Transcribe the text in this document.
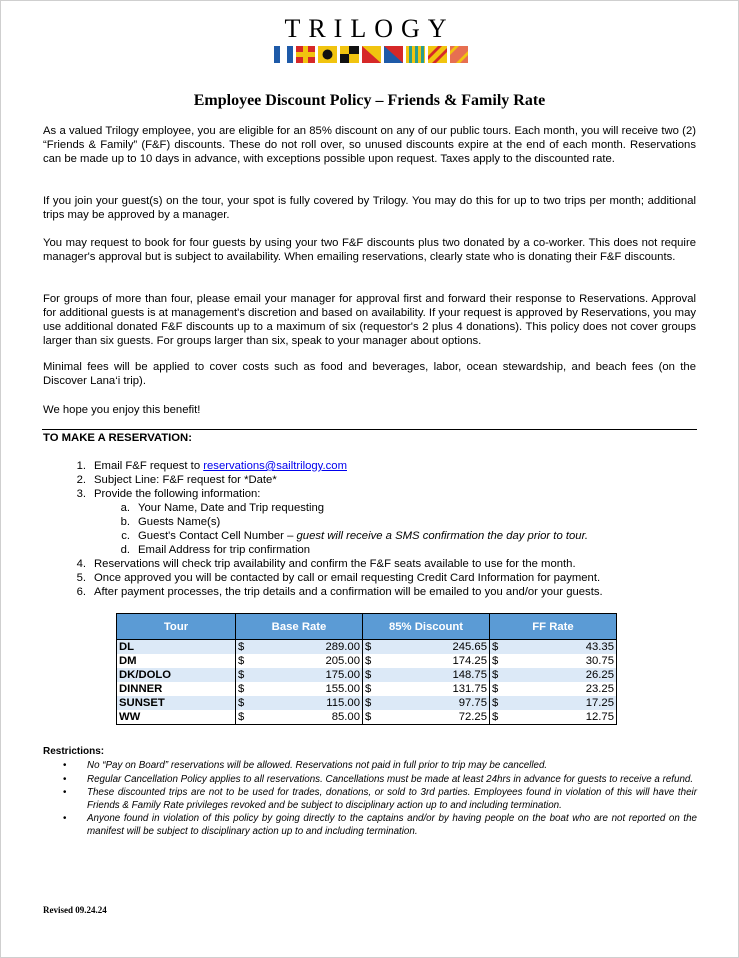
TRILOGY
Employee Discount Policy – Friends & Family Rate
As a valued Trilogy employee, you are eligible for an 85% discount on any of our public tours. Each month, you will receive two (2) “Friends & Family” (F&F) discounts. These do not roll over, so unused discounts expire at the end of each month. Reservations can be made up to 10 days in advance, with exceptions possible upon request. Taxes apply to the discounted rate.
If you join your guest(s) on the tour, your spot is fully covered by Trilogy. You may do this for up to two trips per month; additional trips may be approved by a manager.
You may request to book for four guests by using your two F&F discounts plus two donated by a co-worker. This does not require manager's approval but is subject to availability. When emailing reservations, clearly state who is donating their F&F discounts.
For groups of more than four, please email your manager for approval first and forward their response to Reservations. Approval for additional guests is at management's discretion and based on availability. If your request is approved by Reservations, you may use additional donated F&F discounts up to a maximum of six (requestor's 2 plus 4 donations). This policy does not cover groups larger than six guests. For groups larger than six, speak to your manager about options.
Minimal fees will be applied to cover costs such as food and beverages, labor, ocean stewardship, and beach fees (on the Discover Lana‘i trip).
We hope you enjoy this benefit!
TO MAKE A RESERVATION:
1. Email F&F request to reservations@sailtrilogy.com
2. Subject Line: F&F request for *Date*
3. Provide the following information:
a. Your Name, Date and Trip requesting
b. Guests Name(s)
c. Guest's Contact Cell Number – guest will receive a SMS confirmation the day prior to tour.
d. Email Address for trip confirmation
4. Reservations will check trip availability and confirm the F&F seats available to use for the month.
5. Once approved you will be contacted by call or email requesting Credit Card Information for payment.
6. After payment processes, the trip details and a confirmation will be emailed to you and/or your guests.
Tour	Base Rate		85% Discount		FF Rate	
DL	$	289.00	$	245.65	$	43.35
DM	$	205.00	$	174.25	$	30.75
DK/DOLO	$	175.00	$	148.75	$	26.25
DINNER	$	155.00	$	131.75	$	23.25
SUNSET	$	115.00	$	97.75	$	17.25
WW	$	85.00	$	72.25	$	12.75
Restrictions:
•	No “Pay on Board” reservations will be allowed. Reservations not paid in full prior to trip may be cancelled.
•	Regular Cancellation Policy applies to all reservations. Cancellations must be made at least 24hrs in advance for guests to receive a refund.
•	These discounted trips are not to be used for trades, donations, or sold to 3rd parties. Employees found in violation of this will have their Friends & Family Rate privileges revoked and be subject to disciplinary action up to and including termination.
•	Anyone found in violation of this policy by going directly to the captains and/or by having people on the boat who are not reported on the manifest will be subject to disciplinary action up to and including termination.
Revised 09.24.24
